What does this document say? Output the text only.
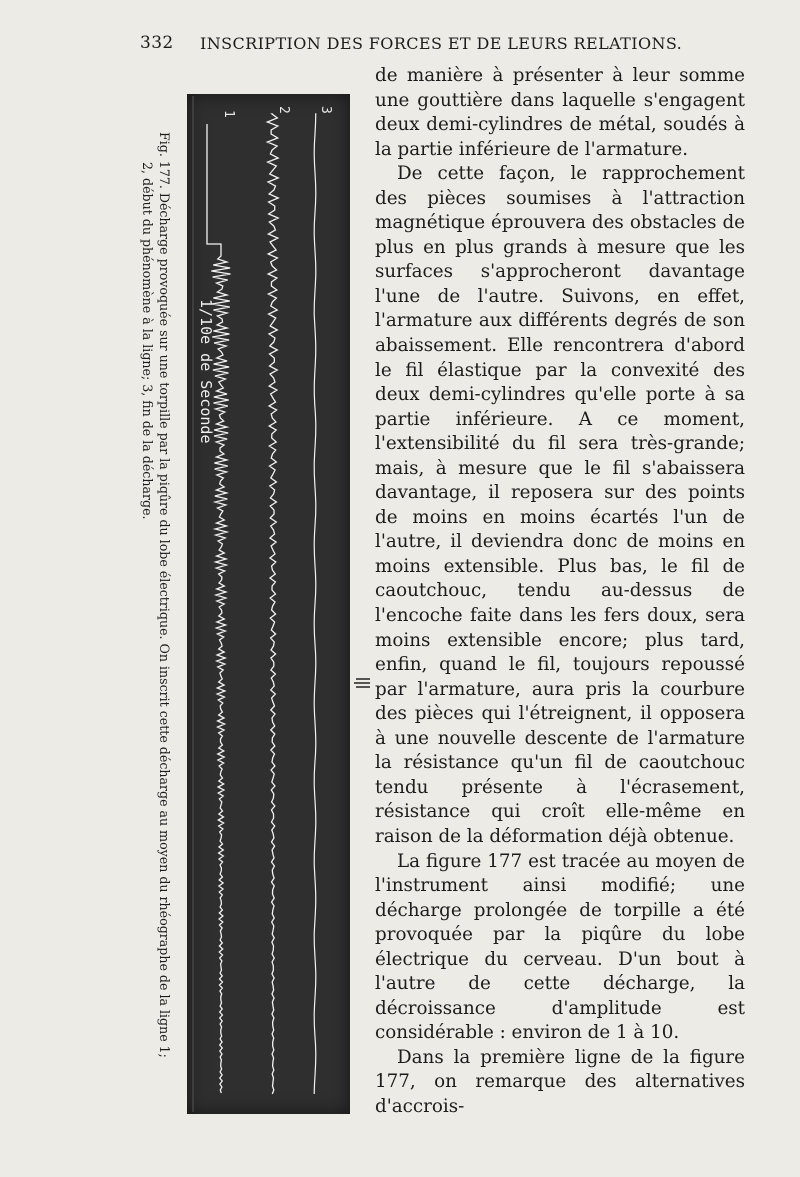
332 INSCRIPTION DES FORCES ET DE LEURS RELATIONS.
1
2 3
1/10e de Seconde
Fig. 177. Décharge provoquée sur une torpille par la piqûre du lobe électrique. On inscrit cette décharge au moyen du rhéographe de la ligne 1;
2, début du phénomène à la ligne; 3, fin de la décharge.

de manière à présenter à leur somme une gouttière dans laquelle s'engagent deux demi-cylindres de métal, soudés à la partie inférieure de l'armature.

De cette façon, le rapprochement des pièces soumises à l'attraction magnétique éprouvera des obstacles de plus en plus grands à mesure que les surfaces s'approcheront davantage l'une de l'autre. Suivons, en effet, l'armature aux différents degrés de son abaissement. Elle rencontrera d'abord le fil élastique par la convexité des deux demi-cylindres qu'elle porte à sa partie inférieure. A ce moment, l'extensibilité du fil sera très-grande; mais, à mesure que le fil s'abaissera davantage, il reposera sur des points de moins en moins écartés l'un de l'autre, il deviendra donc de moins en moins extensible. Plus bas, le fil de caoutchouc, tendu au-dessus de l'encoche faite dans les fers doux, sera moins extensible encore; plus tard, enfin, quand le fil, toujours repoussé par l'armature, aura pris la courbure des pièces qui l'étreignent, il opposera à une nouvelle descente de l'armature la résistance qu'un fil de caoutchouc tendu présente à l'écrasement, résistance qui croît elle-même en raison de la déformation déjà obtenue.

La figure 177 est tracée au moyen de l'instrument ainsi modifié; une décharge prolongée de torpille a été provoquée par la piqûre du lobe électrique du cerveau. D'un bout à l'autre de cette décharge, la décroissance d'amplitude est considérable : environ de 1 à 10.

Dans la première ligne de la figure 177, on remarque des alternatives d'accrois-
